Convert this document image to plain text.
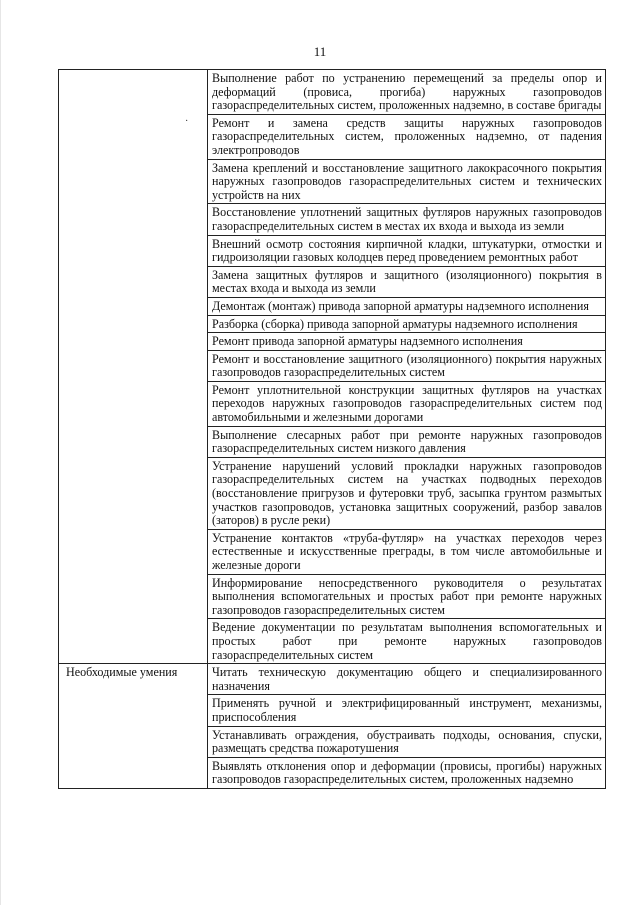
11
·
	Выполнение работ по устранению перемещений за пределы опор и деформаций (провиса, прогиба) наружных газопроводов газораспределительных систем, проложенных надземно, в составе бригады
	Ремонт и замена средств защиты наружных газопроводов газораспределительных систем, проложенных надземно, от падения электропроводов
	Замена креплений и восстановление защитного лакокрасочного покрытия наружных газопроводов газораспределительных систем и технических устройств на них
	Восстановление уплотнений защитных футляров наружных газопроводов газораспределительных систем в местах их входа и выхода из земли
	Внешний осмотр состояния кирпичной кладки, штукатурки, отмостки и гидроизоляции газовых колодцев перед проведением ремонтных работ
	Замена защитных футляров и защитного (изоляционного) покрытия в местах входа и выхода из земли
	Демонтаж (монтаж) привода запорной арматуры надземного исполнения
	Разборка (сборка) привода запорной арматуры надземного исполнения
	Ремонт привода запорной арматуры надземного исполнения
	Ремонт и восстановление защитного (изоляционного) покрытия наружных газопроводов газораспределительных систем
	Ремонт уплотнительной конструкции защитных футляров на участках переходов наружных газопроводов газораспределительных систем под автомобильными и железными дорогами
	Выполнение слесарных работ при ремонте наружных газопроводов газораспределительных систем низкого давления
	Устранение нарушений условий прокладки наружных газопроводов газораспределительных систем на участках подводных переходов (восстановление пригрузов и футеровки труб, засыпка грунтом размытых участков газопроводов, установка защитных сооружений, разбор завалов (заторов) в русле реки)
	Устранение контактов «труба-футляр» на участках переходов через естественные и искусственные преграды, в том числе автомобильные и железные дороги
	Информирование непосредственного руководителя о результатах выполнения вспомогательных и простых работ при ремонте наружных газопроводов газораспределительных систем
	Ведение документации по результатам выполнения вспомогательных и простых работ при ремонте наружных газопроводов газораспределительных систем
Необходимые умения	Читать техническую документацию общего и специализированного назначения
	Применять ручной и электрифицированный инструмент, механизмы, приспособления
	Устанавливать ограждения, обустраивать подходы, основания, спуски, размещать средства пожаротушения
	Выявлять отклонения опор и деформации (провисы, прогибы) наружных газопроводов газораспределительных систем, проложенных надземно
